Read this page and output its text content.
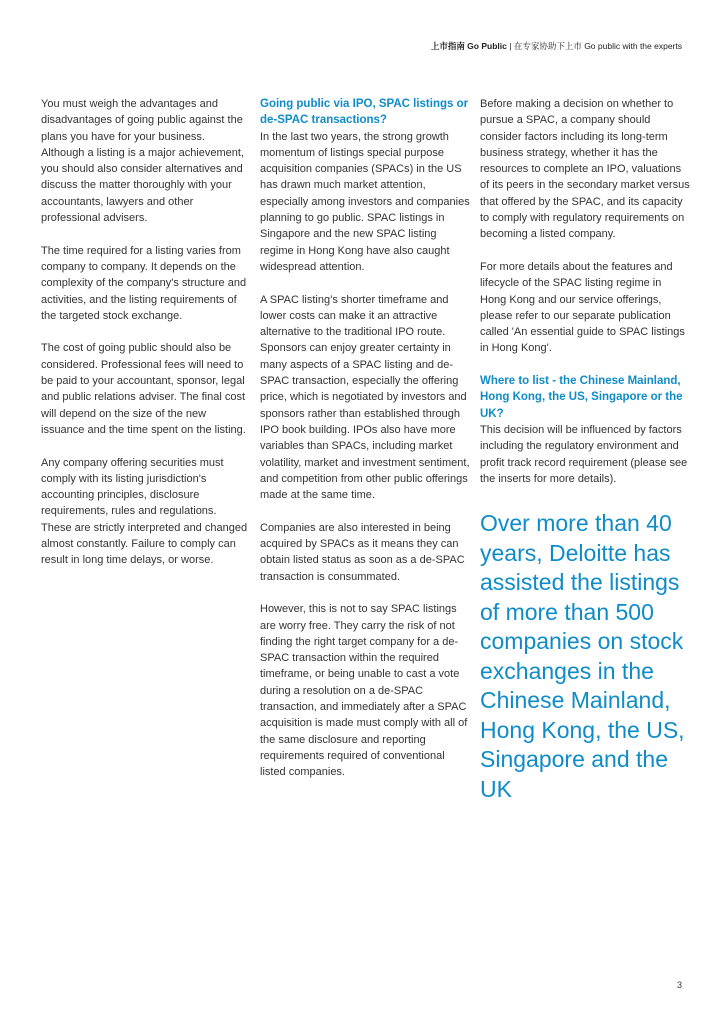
上市指南 Go Public | 在专家协助下上市 Go public with the experts

You must weigh the advantages and disadvantages of going public against the plans you have for your business. Although a listing is a major achievement, you should also consider alternatives and discuss the matter thoroughly with your accountants, lawyers and other professional advisers.

The time required for a listing varies from company to company. It depends on the complexity of the company's structure and activities, and the listing requirements of the targeted stock exchange.

The cost of going public should also be considered. Professional fees will need to be paid to your accountant, sponsor, legal and public relations adviser. The final cost will depend on the size of the new issuance and the time spent on the listing.

Any company offering securities must comply with its listing jurisdiction's accounting principles, disclosure requirements, rules and regulations. These are strictly interpreted and changed almost constantly. Failure to comply can result in long time delays, or worse.

Going public via IPO, SPAC listings or de-SPAC transactions?

In the last two years, the strong growth momentum of listings special purpose acquisition companies (SPACs) in the US has drawn much market attention, especially among investors and companies planning to go public. SPAC listings in Singapore and the new SPAC listing regime in Hong Kong have also caught widespread attention.

A SPAC listing’s shorter timeframe and lower costs can make it an attractive alternative to the traditional IPO route. Sponsors can enjoy greater certainty in many aspects of a SPAC listing and de-SPAC transaction, especially the offering price, which is negotiated by investors and sponsors rather than established through IPO book building. IPOs also have more variables than SPACs, including market volatility, market and investment sentiment, and competition from other public offerings made at the same time.

Companies are also interested in being acquired by SPACs as it means they can obtain listed status as soon as a de-SPAC transaction is consummated.

However, this is not to say SPAC listings are worry free. They carry the risk of not finding the right target company for a de-SPAC transaction within the required timeframe, or being unable to cast a vote during a resolution on a de-SPAC transaction, and immediately after a SPAC acquisition is made must comply with all of the same disclosure and reporting requirements required of conventional listed companies.

Before making a decision on whether to pursue a SPAC, a company should consider factors including its long-term business strategy, whether it has the resources to complete an IPO, valuations of its peers in the secondary market versus that offered by the SPAC, and its capacity to comply with regulatory requirements on becoming a listed company.

For more details about the features and lifecycle of the SPAC listing regime in Hong Kong and our service offerings, please refer to our separate publication called 'An essential guide to SPAC listings in Hong Kong'.

Where to list - the Chinese Mainland, Hong Kong, the US, Singapore or the UK?

This decision will be influenced by factors including the regulatory environment and profit track record requirement (please see the inserts for more details).

Over more than 40 years, Deloitte has assisted the listings of more than 500 companies on stock exchanges in the Chinese Mainland, Hong Kong, the US, Singapore and the UK
3
